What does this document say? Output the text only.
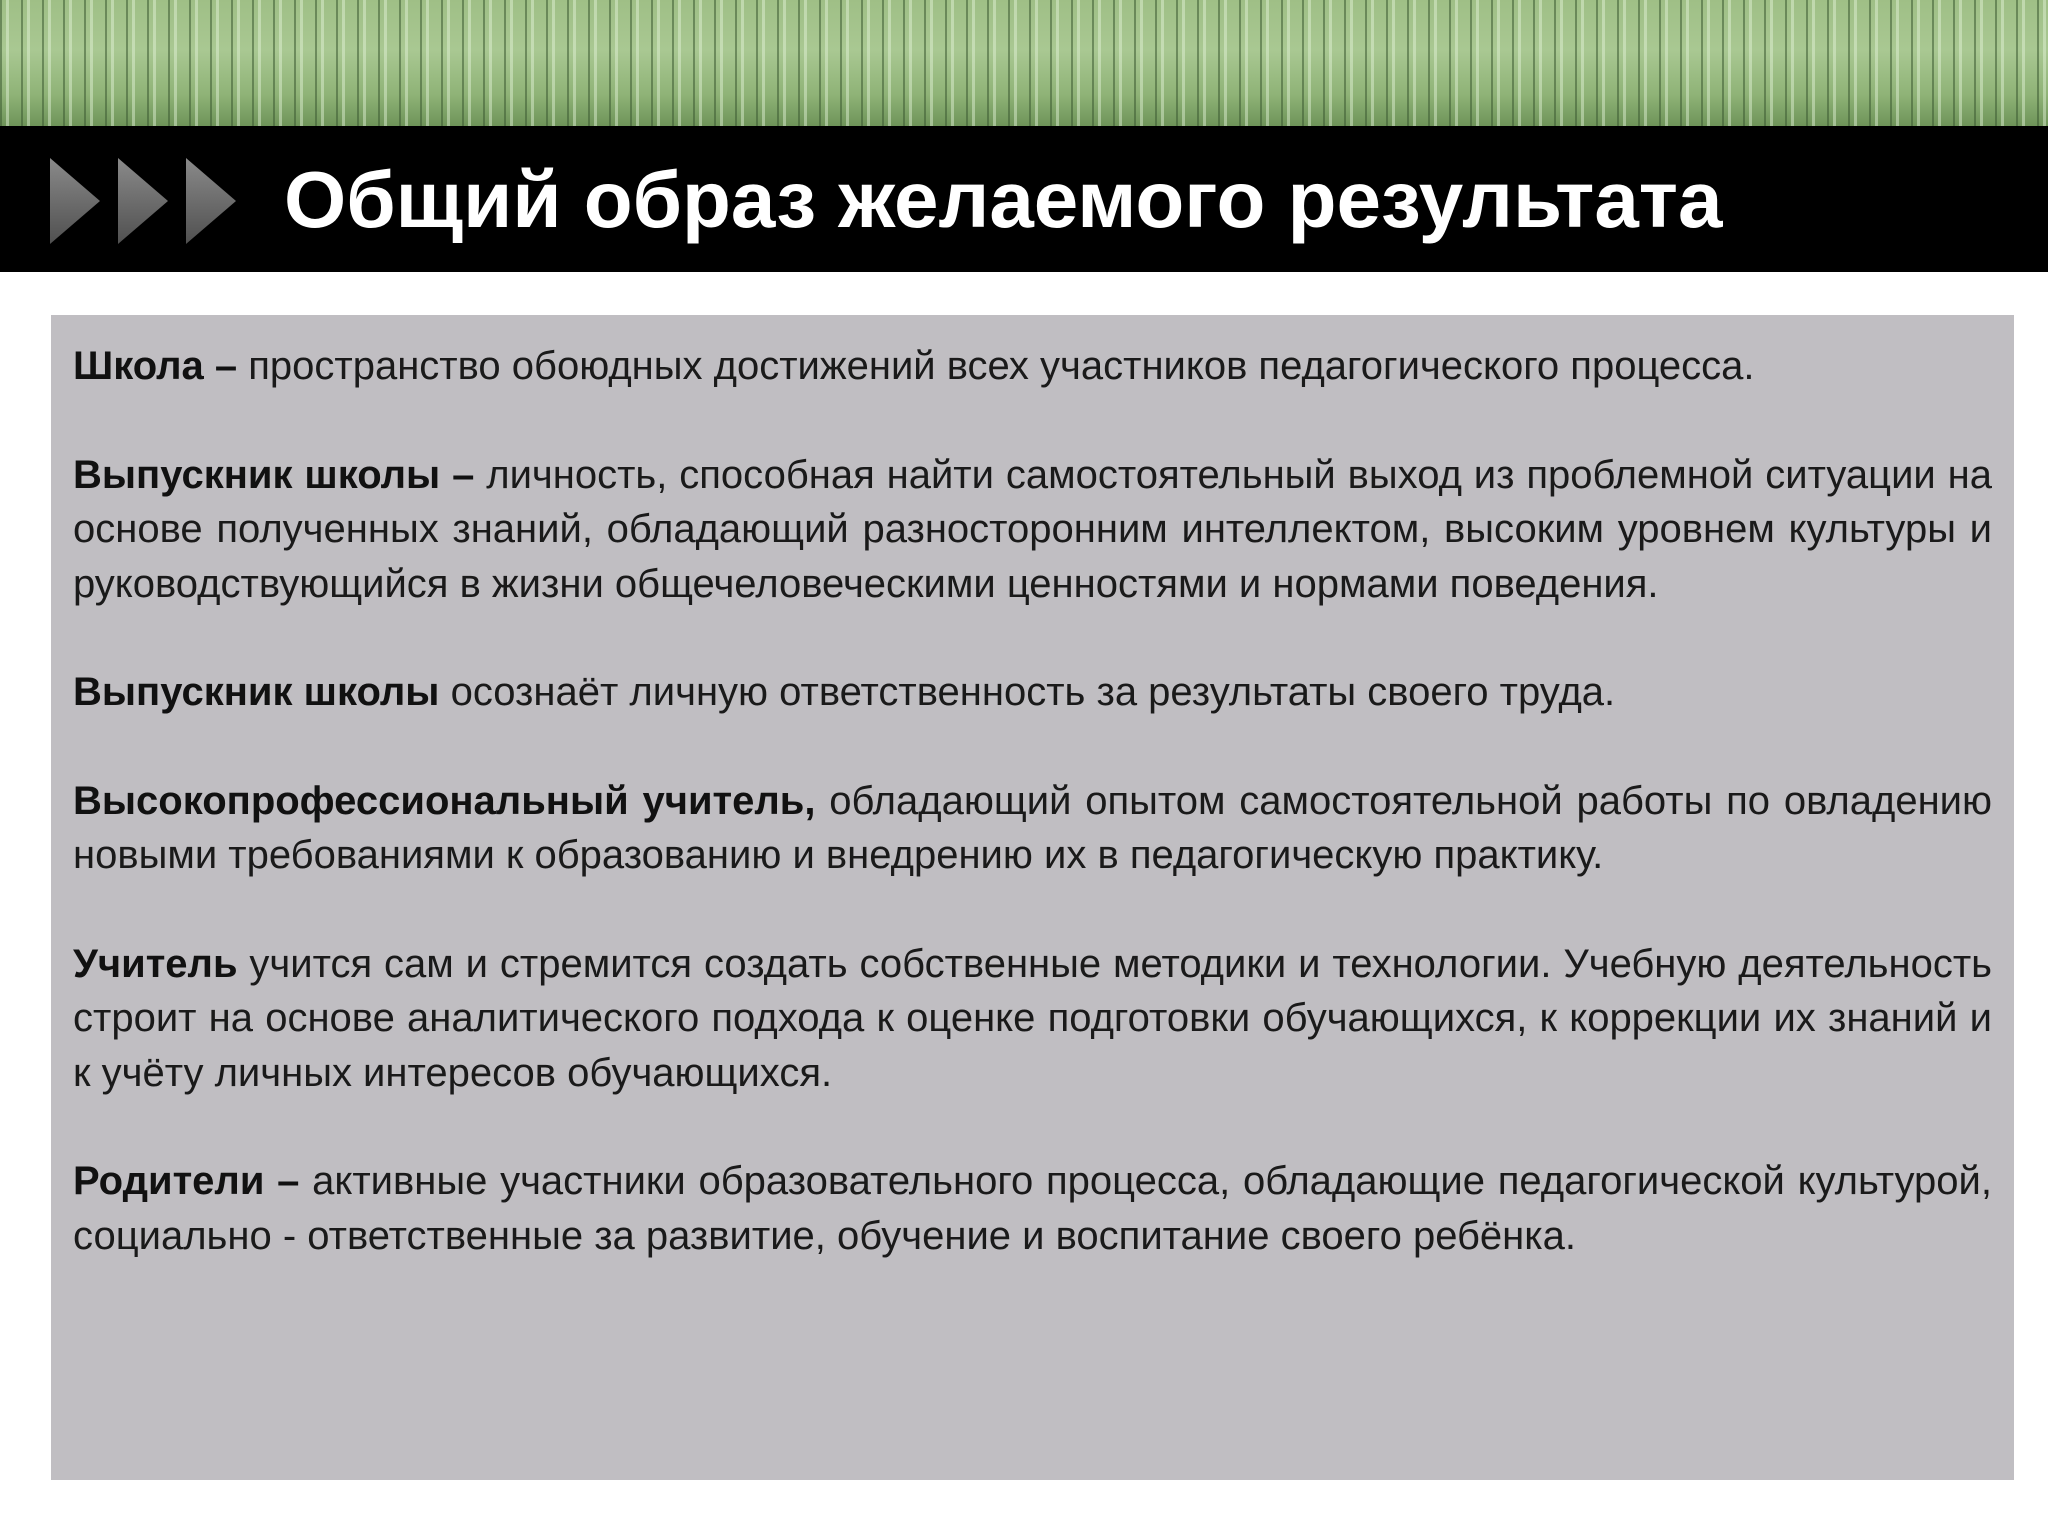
Общий образ желаемого результата

Школа – пространство обоюдных достижений всех участников педагогического процесса.

Выпускник школы – личность, способная найти самостоятельный выход из проблемной ситуации на основе полученных знаний, обладающий разносторонним интеллектом, высоким уровнем культуры и руководствующийся в жизни общечеловеческими ценностями и нормами поведения.

Выпускник школы осознаёт личную ответственность за результаты своего труда.

Высокопрофессиональный учитель, обладающий опытом самостоятельной работы по овладению новыми требованиями к образованию и внедрению их в педагогическую практику.

Учитель учится сам и стремится создать собственные методики и технологии. Учебную деятельность строит на основе аналитического подхода к оценке подготовки обучающихся, к коррекции их знаний и к учёту личных интересов обучающихся.

Родители – активные участники образовательного процесса, обладающие педагогической культурой, социально - ответственные за развитие, обучение и воспитание своего ребёнка.
